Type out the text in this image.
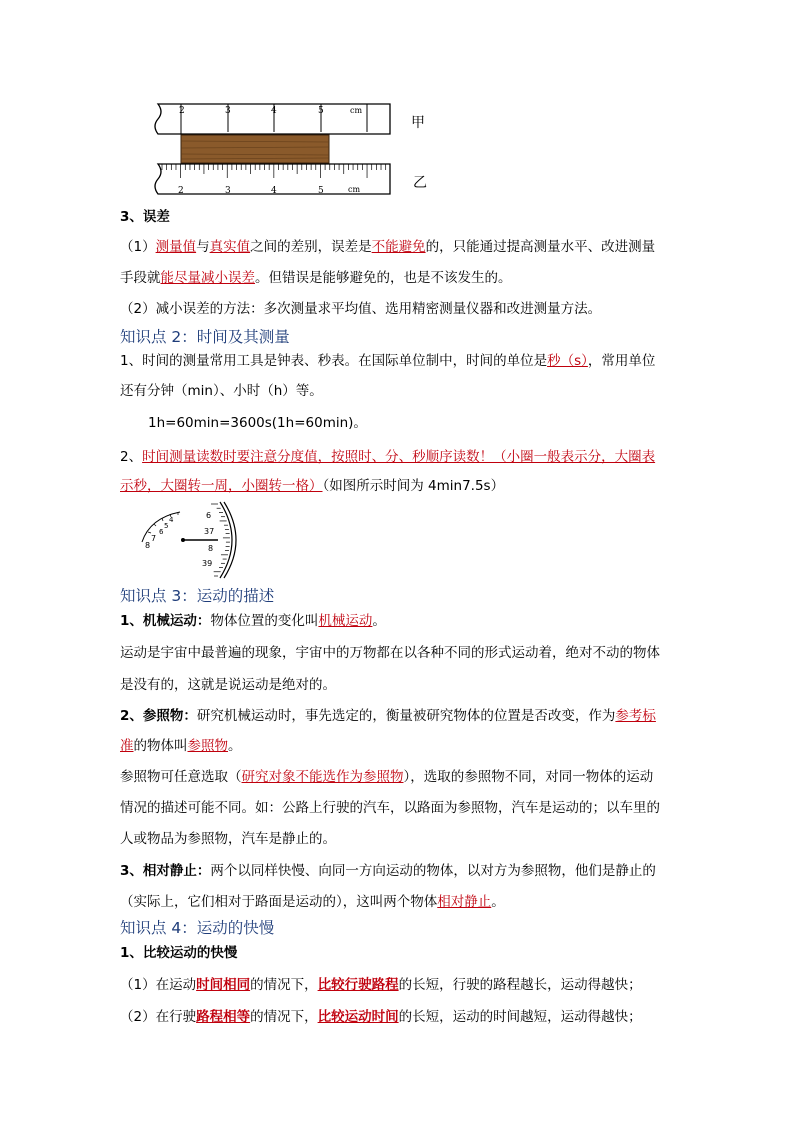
2	3	4	5	cm
2	3	4	5	cm
甲
乙
3、误差
（1）测量值与真实值之间的差别，误差是不能避免的，只能通过提高测量水平、改进测量
手段就能尽量减小误差。但错误是能够避免的，也是不该发生的。
（2）减小误差的方法：多次测量求平均值、选用精密测量仪器和改进测量方法。
知识点 2：时间及其测量
1、时间的测量常用工具是钟表、秒表。在国际单位制中，时间的单位是秒（s），常用单位
还有分钟（min）、小时（h）等。
1h=60min=3600s(1h=60min)。
2、时间测量读数时要注意分度值，按照时、分、秒顺序读数！（小圈一般表示分，大圈表
示秒，大圈转一周，小圈转一格）（如图所示时间为 4min7.5s）
4
5
6
7
8
6
37
8
39
知识点 3：运动的描述
1、机械运动：物体位置的变化叫机械运动。
运动是宇宙中最普遍的现象，宇宙中的万物都在以各种不同的形式运动着，绝对不动的物体
是没有的，这就是说运动是绝对的。
2、参照物：研究机械运动时，事先选定的，衡量被研究物体的位置是否改变，作为参考标
准的物体叫参照物。
参照物可任意选取（研究对象不能选作为参照物），选取的参照物不同，对同一物体的运动
情况的描述可能不同。如：公路上行驶的汽车，以路面为参照物，汽车是运动的；以车里的
人或物品为参照物，汽车是静止的。
3、相对静止：两个以同样快慢、向同一方向运动的物体，以对方为参照物，他们是静止的
（实际上，它们相对于路面是运动的），这叫两个物体相对静止。
知识点 4：运动的快慢
1、比较运动的快慢
（1）在运动时间相同的情况下，比较行驶路程的长短，行驶的路程越长，运动得越快；
（2）在行驶路程相等的情况下，比较运动时间的长短，运动的时间越短，运动得越快；
